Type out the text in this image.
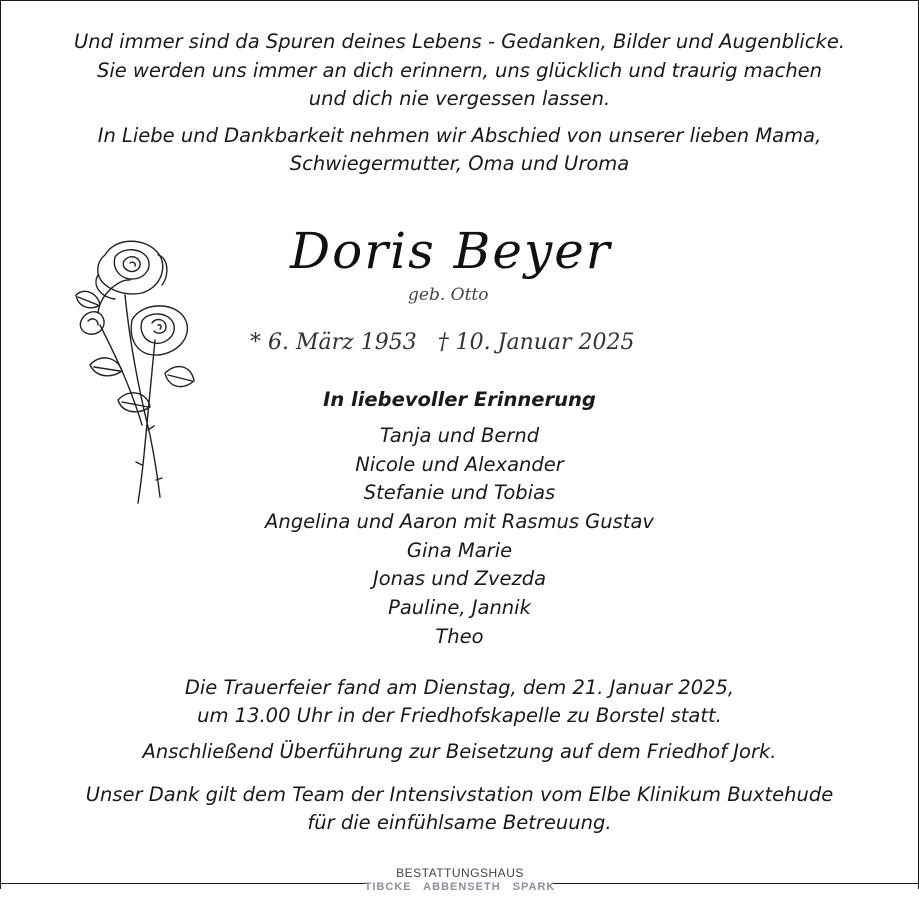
Und immer sind da Spuren deines Lebens - Gedanken, Bilder und Augenblicke.
Sie werden uns immer an dich erinnern, uns glücklich und traurig machen
und dich nie vergessen lassen.
In Liebe und Dankbarkeit nehmen wir Abschied von unserer lieben Mama,
Schwiegermutter, Oma und Uroma
Doris Beyer
geb. Otto
* 6. März 1953   † 10. Januar 2025
In liebevoller Erinnerung
Tanja und Bernd
Nicole und Alexander
Stefanie und Tobias
Angelina und Aaron mit Rasmus Gustav
Gina Marie
Jonas und Zvezda
Pauline, Jannik
Theo
Die Trauerfeier fand am Dienstag, dem 21. Januar 2025,
um 13.00 Uhr in der Friedhofskapelle zu Borstel statt.
Anschließend Überführung zur Beisetzung auf dem Friedhof Jork.
Unser Dank gilt dem Team der Intensivstation vom Elbe Klinikum Buxtehude
für die einfühlsame Betreuung.
BESTATTUNGSHAUS
TIBCKE ABBENSETH SPARK
